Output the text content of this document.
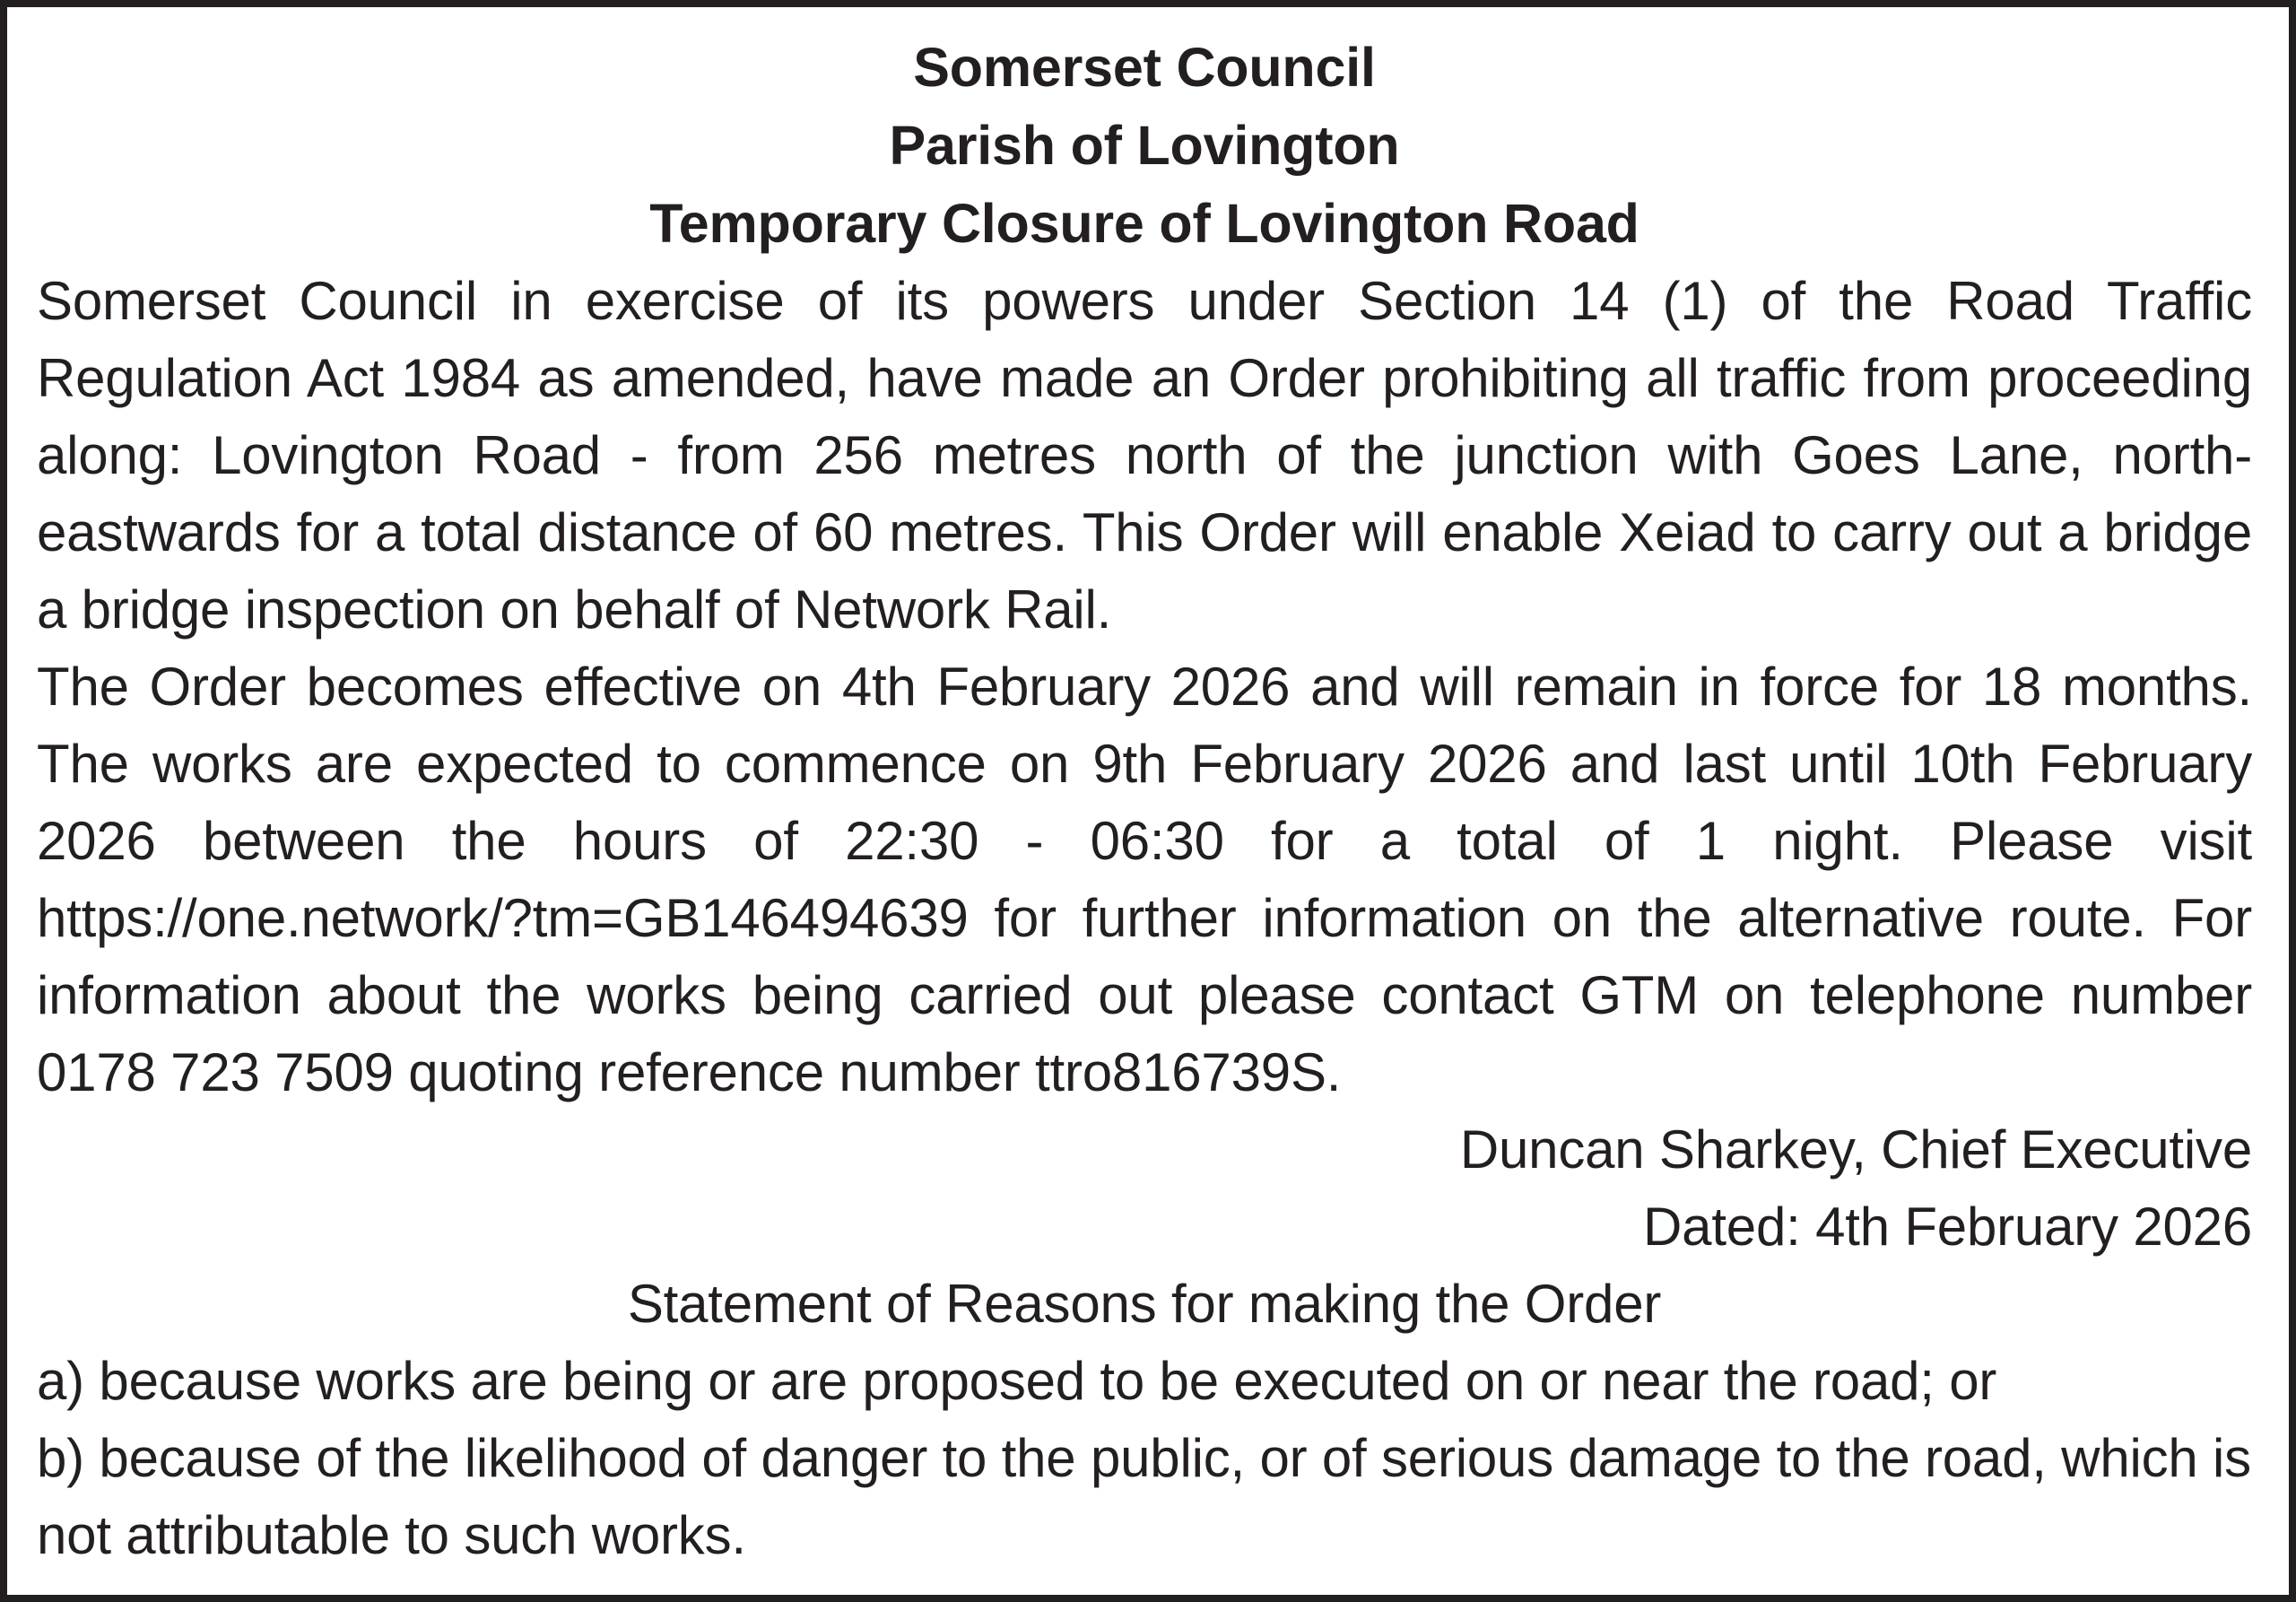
Somerset Council

Parish of Lovington

Temporary Closure of Lovington Road

Somerset Council in exercise of its powers under Section 14 (1) of the Road Traffic Regulation Act 1984 as amended, have made an Order prohibiting all traffic from proceeding along: Lovington Road - from 256 metres north of the junction with Goes Lane, north-eastwards for a total distance of 60 metres. This Order will enable Xeiad to carry out a bridge a bridge inspection on behalf of Network Rail.

The Order becomes effective on 4th February 2026 and will remain in force for 18 months. The works are expected to commence on 9th February 2026 and last until 10th February 2026 between the hours of 22:30 - 06:30 for a total of 1 night. Please visit https://one.network/?tm=GB146494639 for further information on the alternative route. For information about the works being carried out please contact GTM on telephone number 0178 723 7509 quoting reference number ttro816739S.

Duncan Sharkey, Chief Executive

Dated: 4th February 2026

Statement of Reasons for making the Order

a) because works are being or are proposed to be executed on or near the road; or

b) because of the likelihood of danger to the public, or of serious damage to the road, which is not attributable to such works.
